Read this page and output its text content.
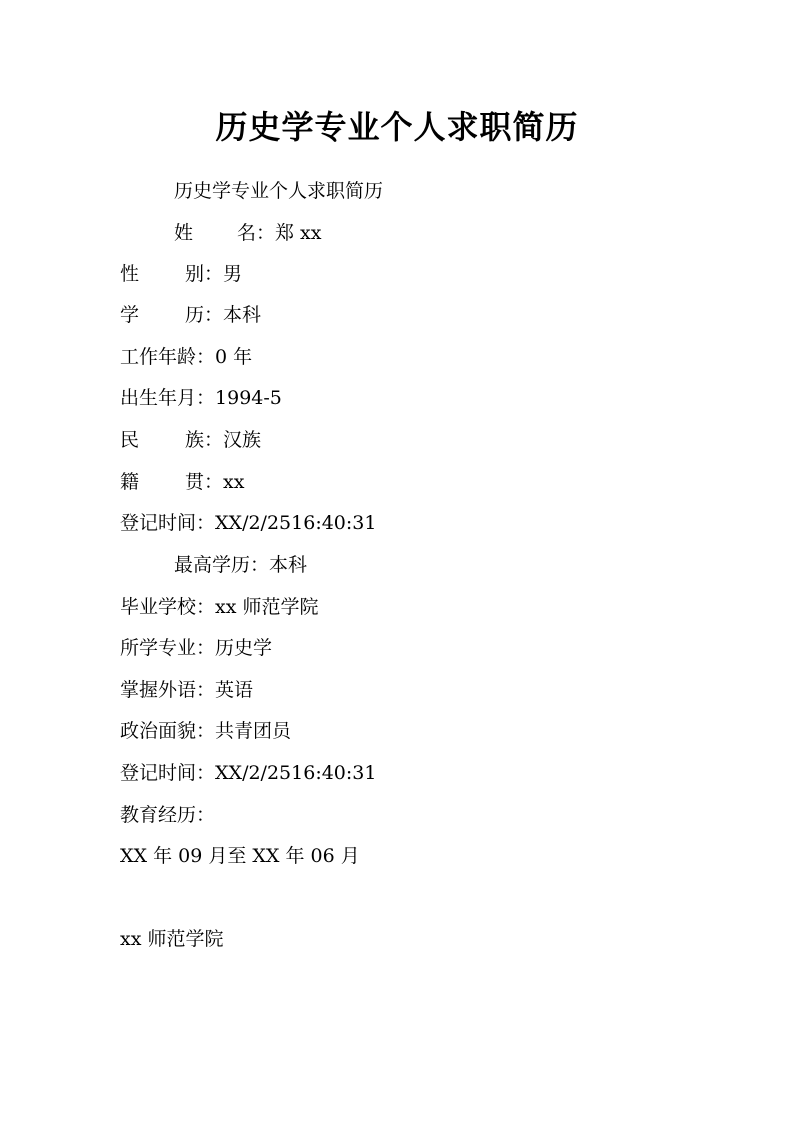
历史学专业个人求职简历
历史学专业个人求职简历
姓 名：郑 xx
性 别：男
学 历：本科
工作年龄：0 年
出生年月：1994-5
民 族：汉族
籍 贯：xx
登记时间：XX/2/2516:40:31
最高学历：本科
毕业学校：xx 师范学院
所学专业：历史学
掌握外语：英语
政治面貌：共青团员
登记时间：XX/2/2516:40:31
教育经历：
XX 年 09 月至 XX 年 06 月
xx 师范学院
